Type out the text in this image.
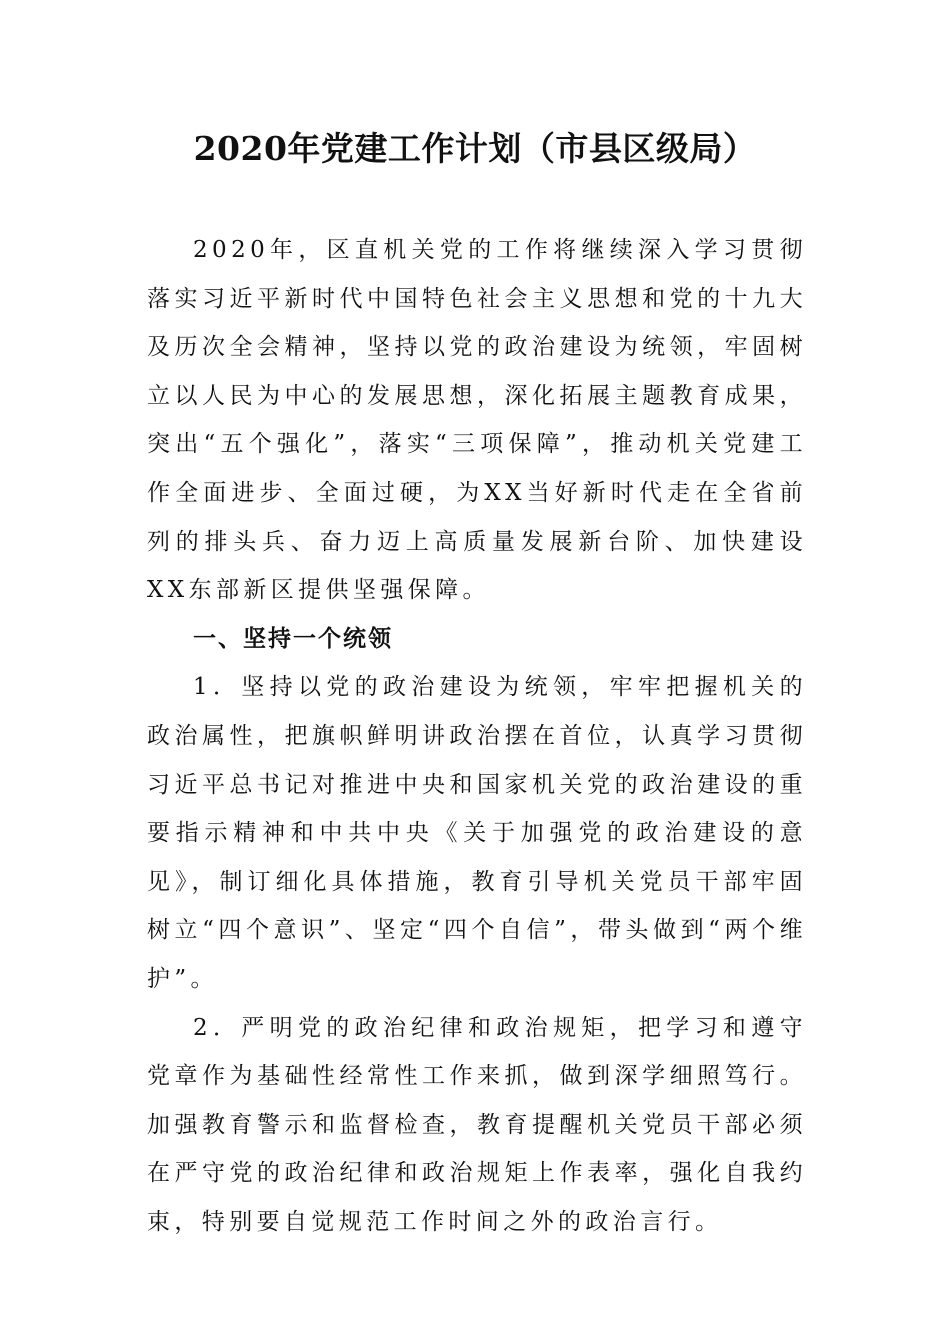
2020年党建工作计划（市县区级局）

2020年，区直机关党的工作将继续深入学习贯彻落实习近平新时代中国特色社会主义思想和党的十九大及历次全会精神，坚持以党的政治建设为统领，牢固树立以人民为中心的发展思想，深化拓展主题教育成果，突出“五个强化”，落实“三项保障”，推动机关党建工作全面进步、全面过硬，为XX当好新时代走在全省前列的排头兵、奋力迈上高质量发展新台阶、加快建设XX东部新区提供坚强保障。

一、坚持一个统领

1．坚持以党的政治建设为统领，牢牢把握机关的政治属性，把旗帜鲜明讲政治摆在首位，认真学习贯彻习近平总书记对推进中央和国家机关党的政治建设的重要指示精神和中共中央《关于加强党的政治建设的意见》，制订细化具体措施，教育引导机关党员干部牢固树立“四个意识”、坚定“四个自信”，带头做到“两个维护”。

2．严明党的政治纪律和政治规矩，把学习和遵守党章作为基础性经常性工作来抓，做到深学细照笃行。加强教育警示和监督检查，教育提醒机关党员干部必须在严守党的政治纪律和政治规矩上作表率，强化自我约束，特别要自觉规范工作时间之外的政治言行。
